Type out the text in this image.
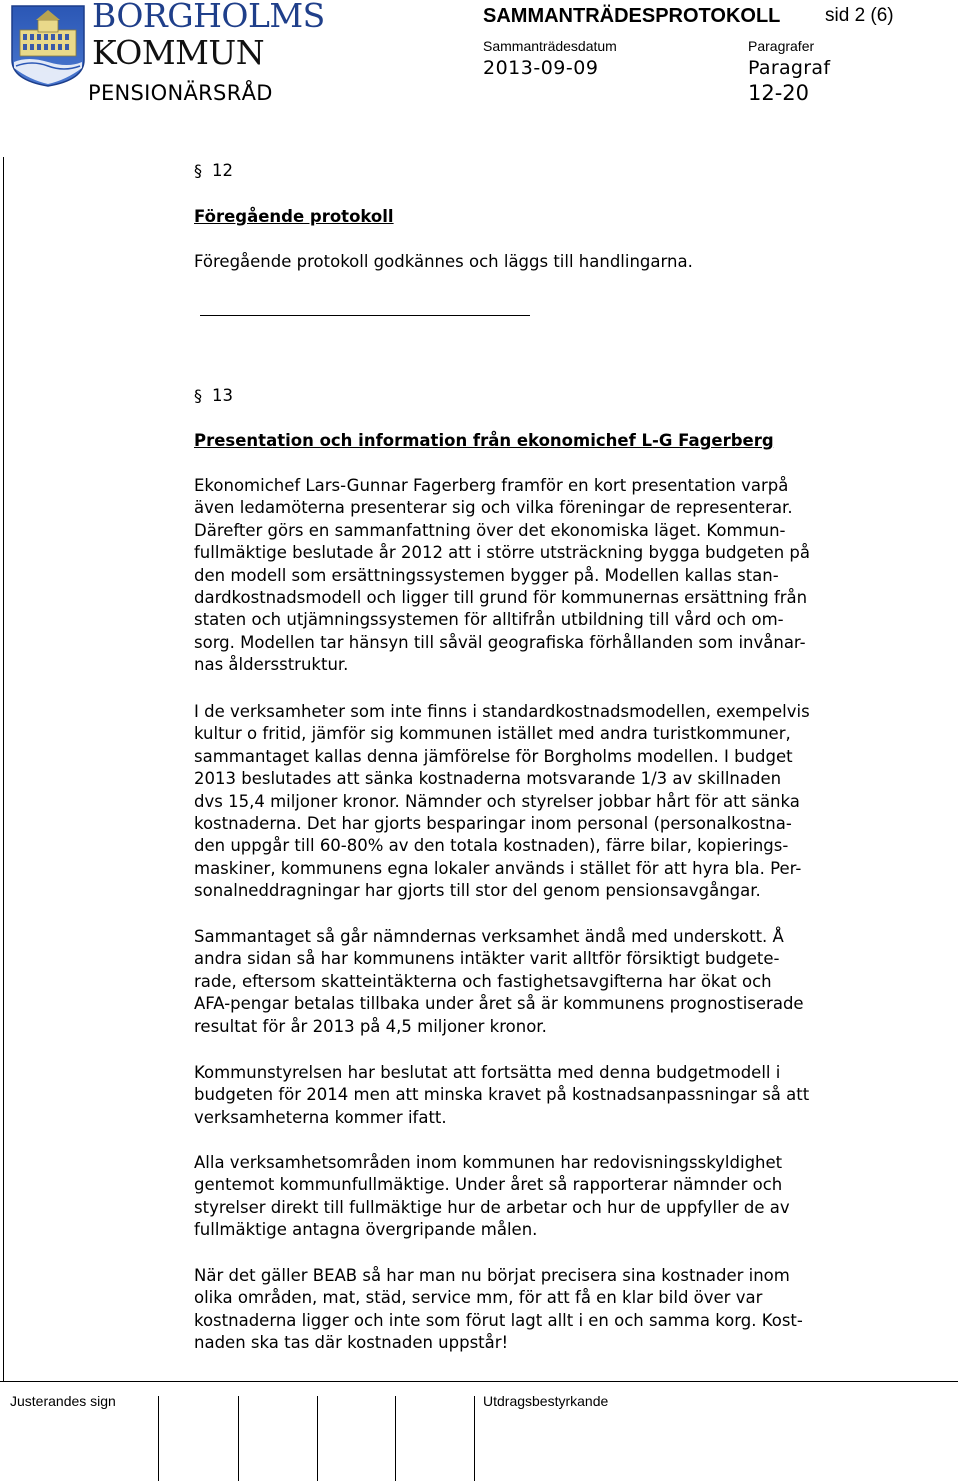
BORGHOLMS
KOMMUN
PENSIONÄRSRÅD
SAMMANTRÄDESPROTOKOLL sid 2 (6)
Sammanträdesdatum	Paragrafer
2013-09-09	Paragraf
12-20
§ 12
Föregående protokoll

Föregående protokoll godkännes och läggs till handlingarna.

§ 13
Presentation och information från ekonomichef L-G Fagerberg

Ekonomichef Lars-Gunnar Fagerberg framför en kort presentation varpå

även ledamöterna presenterar sig och vilka föreningar de representerar.

Därefter görs en sammanfattning över det ekonomiska läget. Kommun-

fullmäktige beslutade år 2012 att i större utsträckning bygga budgeten på

den modell som ersättningssystemen bygger på. Modellen kallas stan-

dardkostnadsmodell och ligger till grund för kommunernas ersättning från

staten och utjämningssystemen för alltifrån utbildning till vård och om-

sorg. Modellen tar hänsyn till såväl geografiska förhållanden som invånar-

nas åldersstruktur.

I de verksamheter som inte finns i standardkostnadsmodellen, exempelvis

kultur o fritid, jämför sig kommunen istället med andra turistkommuner,

sammantaget kallas denna jämförelse för Borgholms modellen. I budget

2013 beslutades att sänka kostnaderna motsvarande 1/3 av skillnaden

dvs 15,4 miljoner kronor. Nämnder och styrelser jobbar hårt för att sänka

kostnaderna. Det har gjorts besparingar inom personal (personalkostna-

den uppgår till 60-80% av den totala kostnaden), färre bilar, kopierings-

maskiner, kommunens egna lokaler används i stället för att hyra bla. Per-

sonalneddragningar har gjorts till stor del genom pensionsavgångar.

Sammantaget så går nämndernas verksamhet ändå med underskott. Å

andra sidan så har kommunens intäkter varit alltför försiktigt budgete-

rade, eftersom skatteintäkterna och fastighetsavgifterna har ökat och

AFA-pengar betalas tillbaka under året så är kommunens prognostiserade

resultat för år 2013 på 4,5 miljoner kronor.

Kommunstyrelsen har beslutat att fortsätta med denna budgetmodell i

budgeten för 2014 men att minska kravet på kostnadsanpassningar så att

verksamheterna kommer ifatt.

Alla verksamhetsområden inom kommunen har redovisningsskyldighet

gentemot kommunfullmäktige. Under året så rapporterar nämnder och

styrelser direkt till fullmäktige hur de arbetar och hur de uppfyller de av

fullmäktige antagna övergripande målen.

När det gäller BEAB så har man nu börjat precisera sina kostnader inom

olika områden, mat, städ, service mm, för att få en klar bild över var

kostnaderna ligger och inte som förut lagt allt i en och samma korg. Kost-

naden ska tas där kostnaden uppstår!

Justerandes sign	Utdragsbestyrkande
